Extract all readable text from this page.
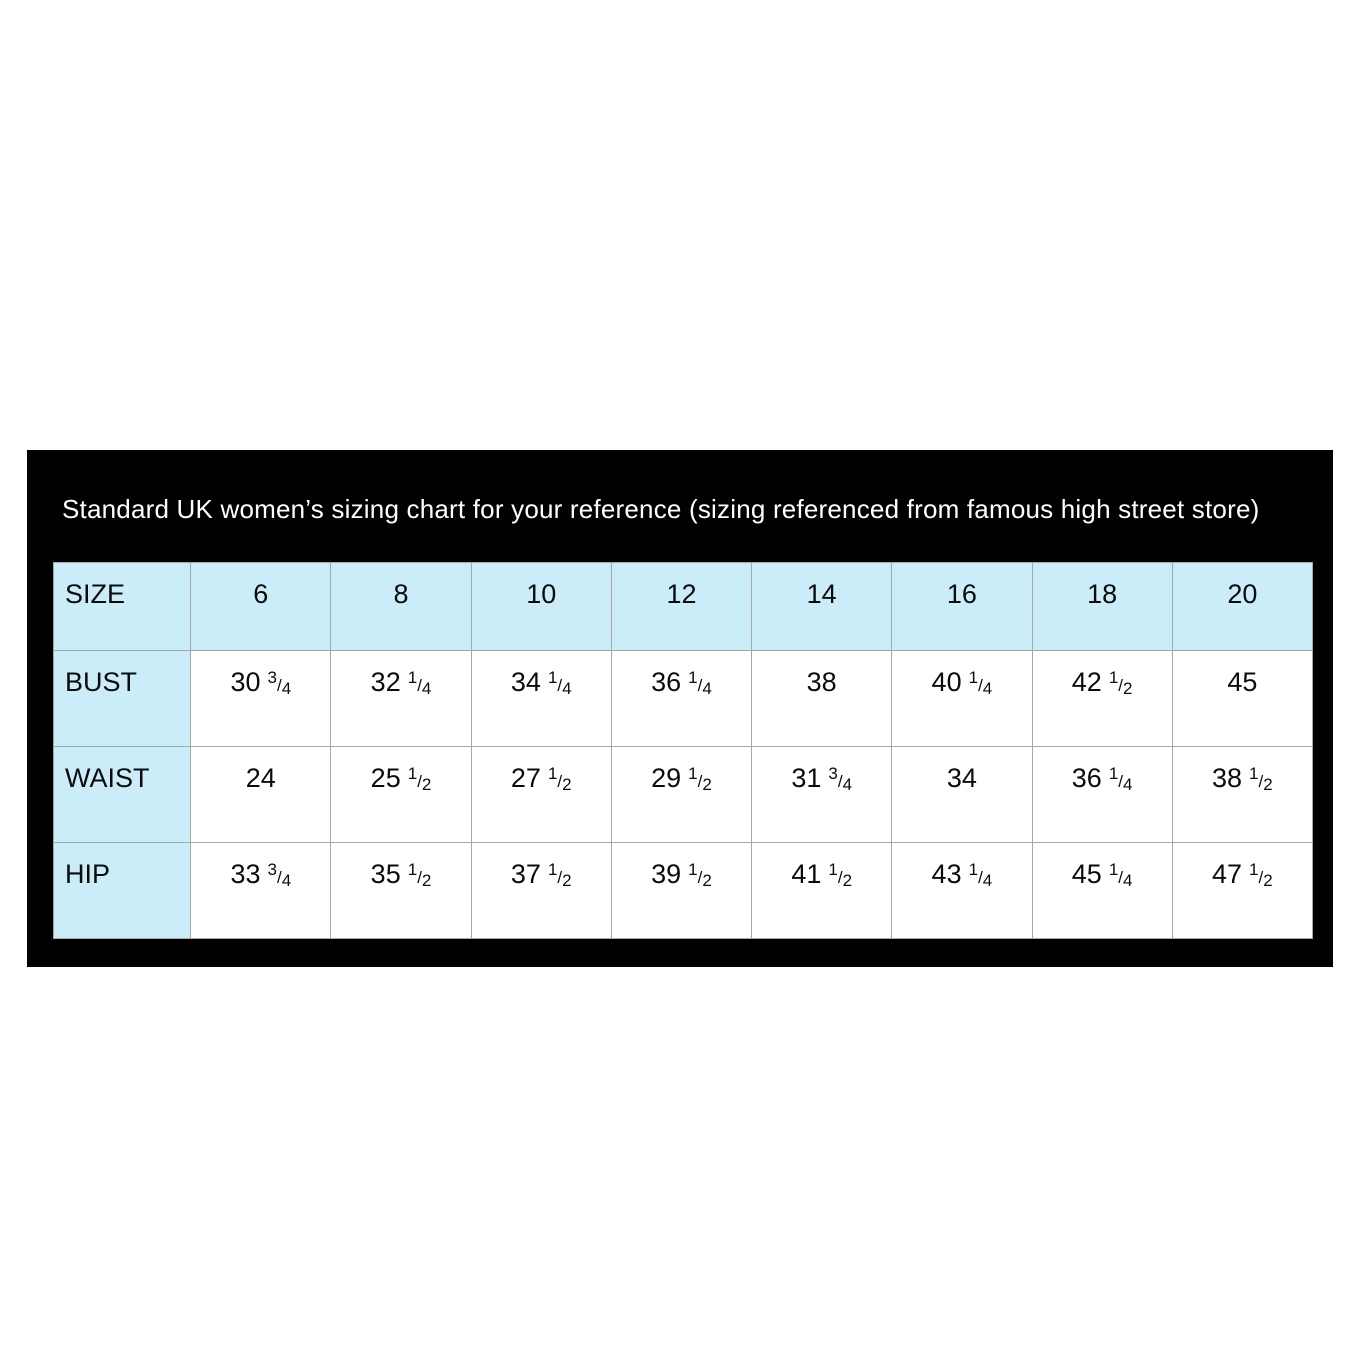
Standard UK women’s sizing chart for your reference (sizing referenced from famous high street store)
SIZE	6	8	10	12	14	16	18	20
BUST	30 $^3/_4$	32 $^1/_4$	34 $^1/_4$	36 $^1/_4$	38	40 $^1/_4$	42 $^1/_2$	45
WAIST	24	25 $^1/_2$	27 $^1/_2$	29 $^1/_2$	31 $^3/_4$	34	36 $^1/_4$	38 $^1/_2$
HIP	33 $^3/_4$	35 $^1/_2$	37 $^1/_2$	39 $^1/_2$	41 $^1/_2$	43 $^1/_4$	45 $^1/_4$	47 $^1/_2$
